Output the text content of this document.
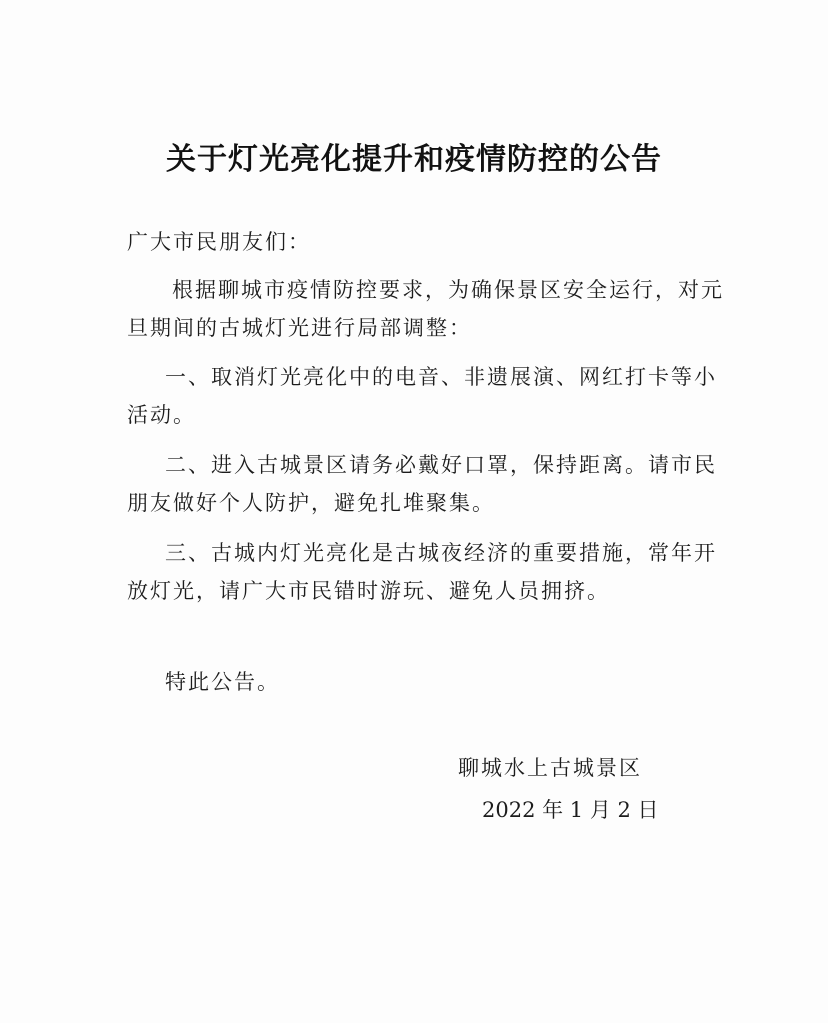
关于灯光亮化提升和疫情防控的公告
广大市民朋友们：
根据聊城市疫情防控要求，为确保景区安全运行，对元
旦期间的古城灯光进行局部调整：
一、取消灯光亮化中的电音、非遗展演、网红打卡等小
活动。
二、进入古城景区请务必戴好口罩，保持距离。请市民
朋友做好个人防护，避免扎堆聚集。
三、古城内灯光亮化是古城夜经济的重要措施，常年开
放灯光，请广大市民错时游玩、避免人员拥挤。
特此公告。
聊城水上古城景区
2022 年 1 月 2 日
